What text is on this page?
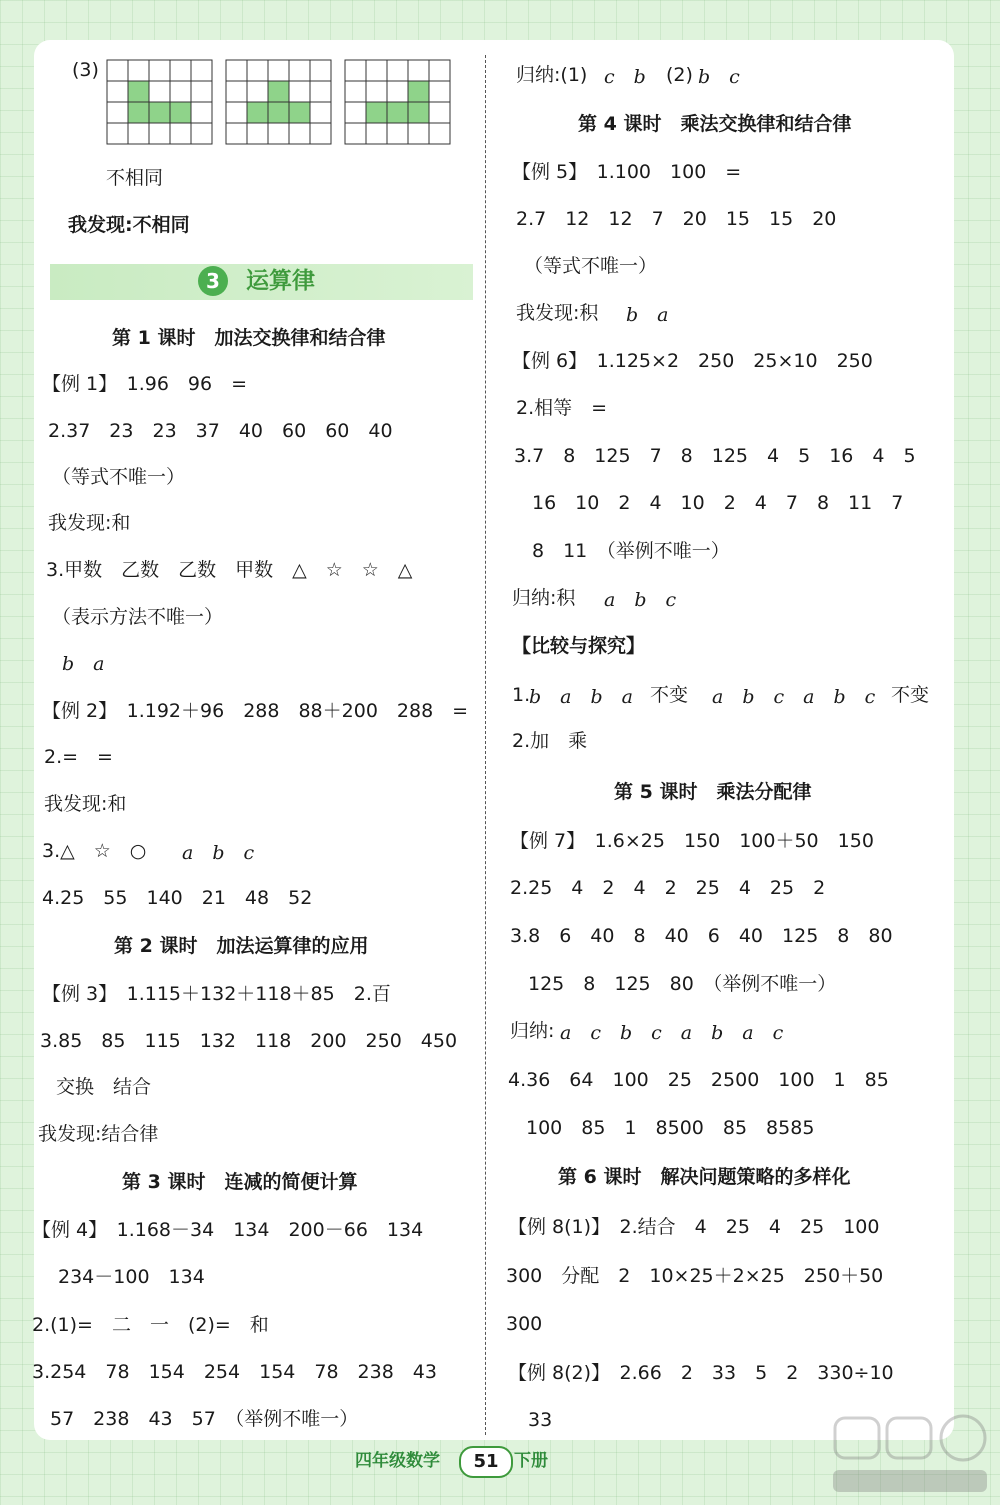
(3)
不相同
我发现:不相同
3	运算律
第 1 课时　加法交换律和结合律
【例 1】　1.96　96　=
2.37　23　23　37　40　60　60　40
（等式不唯一）
我发现:和
3.甲数　乙数　乙数　甲数　△　☆　☆　△
（表示方法不唯一）
b　a
【例 2】　1.192＋96　288　88＋200　288　=
2.=　=
我发现:和
3.△　☆　○ a　b　c
4.25　55　140　21　48　52
第 2 课时　加法运算律的应用
【例 3】　1.115＋132＋118＋85　2.百
3.85　85　115　132　118　200　250　450
交换　结合
我发现:结合律
第 3 课时　连减的简便计算
【例 4】　1.168－34　134　200－66　134
234－100　134
2.(1)=　二　一　(2)=　和
3.254　78　154　254　154　78　238　43
57　238　43　57　（举例不唯一）
归纳:(1) c　b (2) b　c
第 4 课时　乘法交换律和结合律
【例 5】　1.100　100　=
2.7　12　12　7　20　15　15　20
（等式不唯一）
我发现:积 b　a
【例 6】　1.125×2　250　25×10　250
2.相等　=
3.7　8　125　7　8　125　4　5　16　4　5
16　10　2　4　10　2　4　7　8　11　7
8　11　（举例不唯一）
归纳:积 a　b　c
【比较与探究】
1.
b　a　b　a 不变 a　b　c　a　b　c 不变
2.加　乘
第 5 课时　乘法分配律
【例 7】　1.6×25　150　100＋50　150
2.25　4　2　4　2　25　4　25　2
3.8　6　40　8　40　6　40　125　8　80
125　8　125　80　（举例不唯一）
归纳: a　c　b　c　a　b　a　c
4.36　64　100　25　2500　100　1　85
100　85　1　8500　85　8585
第 6 课时　解决问题策略的多样化
【例 8(1)】　2.结合　4　25　4　25　100
300　分配　2　10×25＋2×25　250＋50
300
【例 8(2)】　2.66　2　33　5　2　330÷10
33
四年级数学	51 下册
